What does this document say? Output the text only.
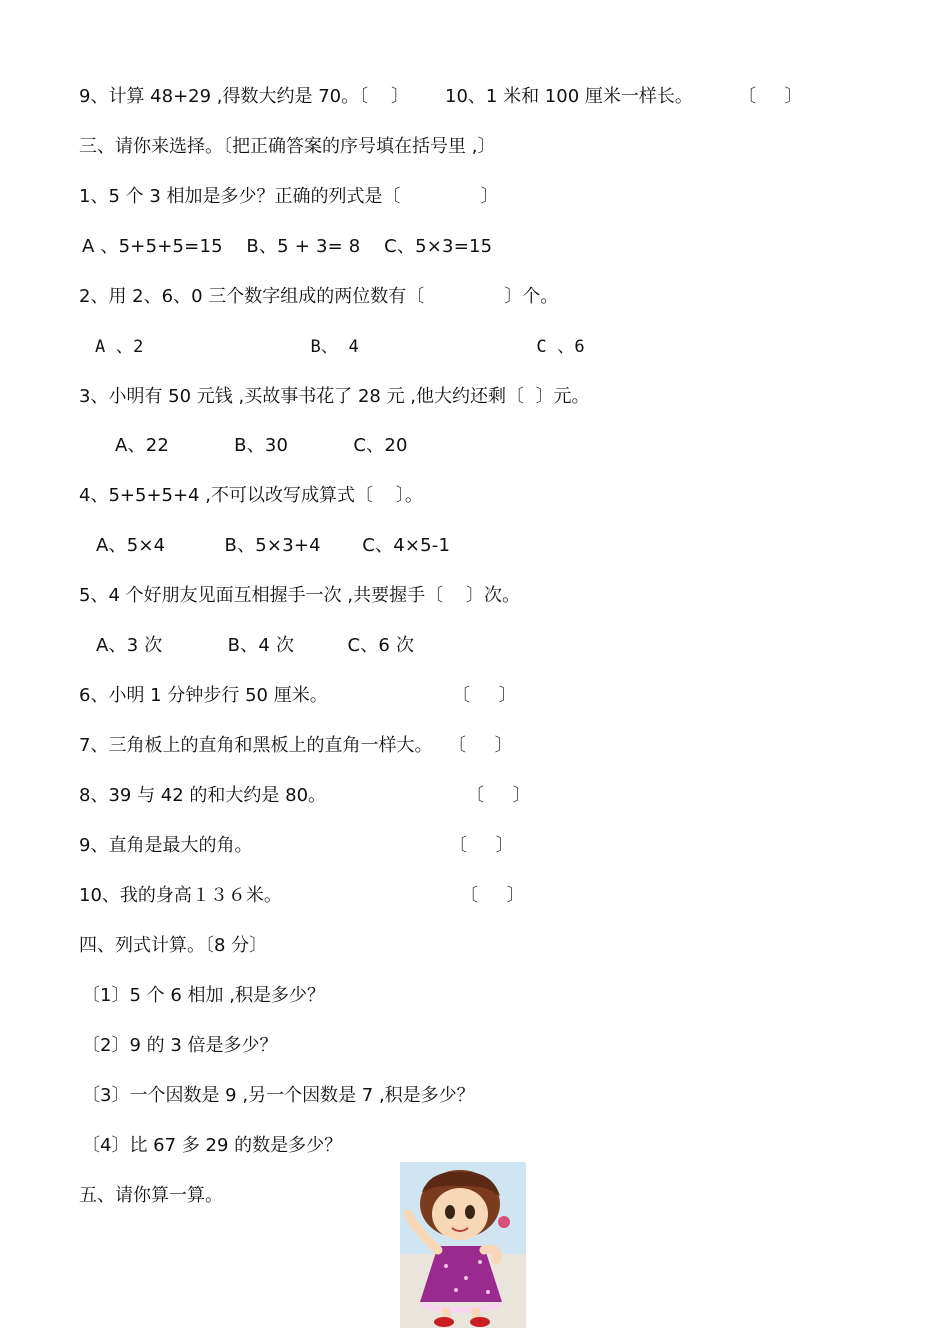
9、计算 48+29 ,得数大约是 70。〔    〕 10、1 米和 100 厘米一样长。	〔     〕
三、请你来选择。〔把正确答案的序号填在括号里 ,〕
1、5 个 3 相加是多少？正确的列式是〔              〕
A 、5+5+5=15    B、5 + 3= 8    C、5×3=15
2、用 2、6、0 三个数字组成的两位数有〔              〕个。
A 、2                B、 4                 C 、6
3、小明有 50 元钱 ,买故事书花了 28 元 ,他大约还剩〔  〕元。
A、22           B、30           C、20
4、5+5+5+4 ,不可以改写成算式〔    〕。
A、5×4          B、5×3+4       C、4×5-1
5、4 个好朋友见面互相握手一次 ,共要握手〔    〕次。
A、3 次           B、4 次         C、6 次
6、小明 1 分钟步行 50 厘米。	〔     〕
7、三角板上的直角和黑板上的直角一样大。 〔     〕
8、39 与 42 的和大约是 80。	〔     〕
9、直角是最大的角。	〔     〕
10、我的身高１３６米。	〔     〕
四、列式计算。〔8 分〕
〔1〕5 个 6 相加 ,积是多少？
〔2〕9 的 3 倍是多少？
〔3〕一个因数是 9 ,另一个因数是 7 ,积是多少？
〔4〕比 67 多 29 的数是多少？
五、请你算一算。
